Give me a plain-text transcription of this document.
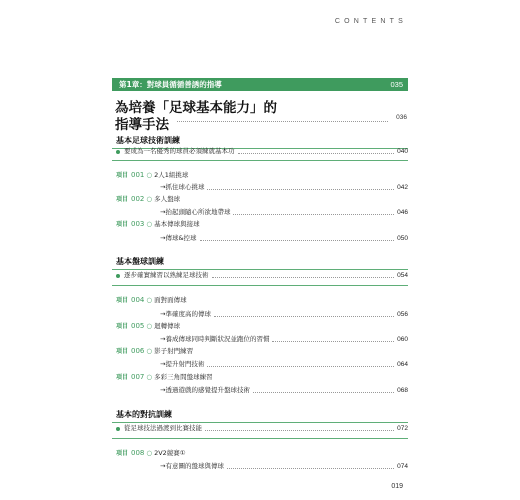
CONTENTS
第1章：對球員循循善誘的指導	035
為培養「足球基本能力」的
指導手法	036
基本足球技術訓練
要成為一名優秀的球員必須練就基本功	040
項目 001 ○ 2人1組挑球
→抓住球心挑球	042
項目 002 ○ 多人盤球
→抬起頭隨心所欲地帶球	046
項目 003 ○ 基本傳球與接球
→傳球&控球	050
基本盤球訓練
逐步確實練習以熟練足球技術	054
項目 004 ○ 面對面傳球
→準確度高的傳球	056
項目 005 ○ 迴轉傳球
→養成傳球同時判斷狀況並跑位的習慣	060
項目 006 ○ 影子射門練習
→提升射門技術	064
項目 007 ○ 多彩三角間盤球練習
→透過遊戲的感覺提升盤球技術	068
基本的對抗訓練
從足球技法過渡到比賽技能	072
項目 008 ○ 2V2競賽①
→有意圖的盤球與傳球	074
019
